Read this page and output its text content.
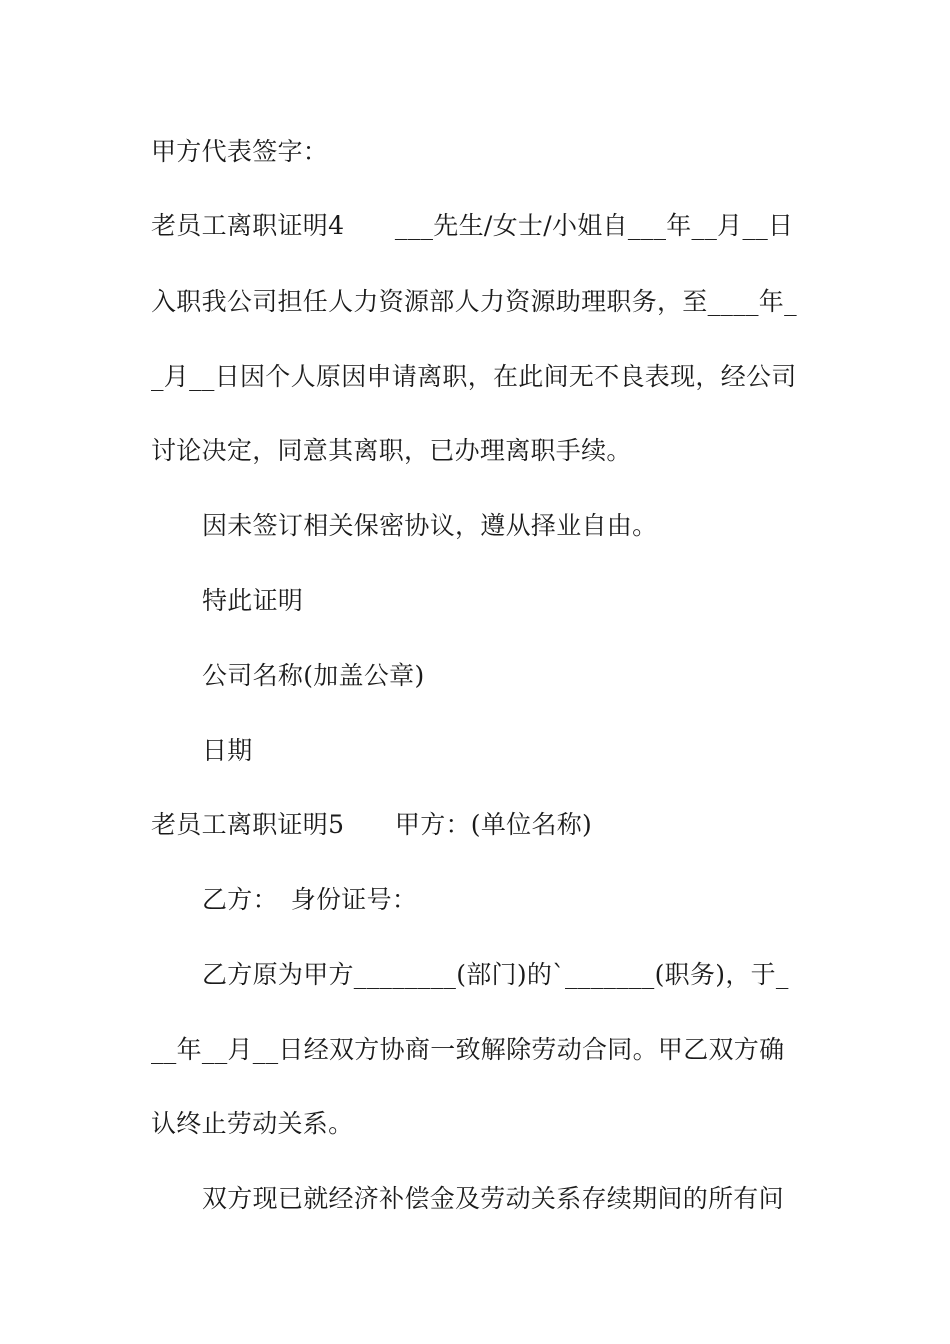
甲方代表签字：
老员工离职证明4　　___先生/女士/小姐自___年__月__日
入职我公司担任人力资源部人力资源助理职务，至____年_
_月__日因个人原因申请离职，在此间无不良表现，经公司
讨论决定，同意其离职，已办理离职手续。
因未签订相关保密协议，遵从择业自由。
特此证明
公司名称(加盖公章)
日期
老员工离职证明5　　甲方：(单位名称)
乙方：　身份证号：
乙方原为甲方________(部门)的`_______(职务)，于_
__年__月__日经双方协商一致解除劳动合同。甲乙双方确
认终止劳动关系。
双方现已就经济补偿金及劳动关系存续期间的所有问
